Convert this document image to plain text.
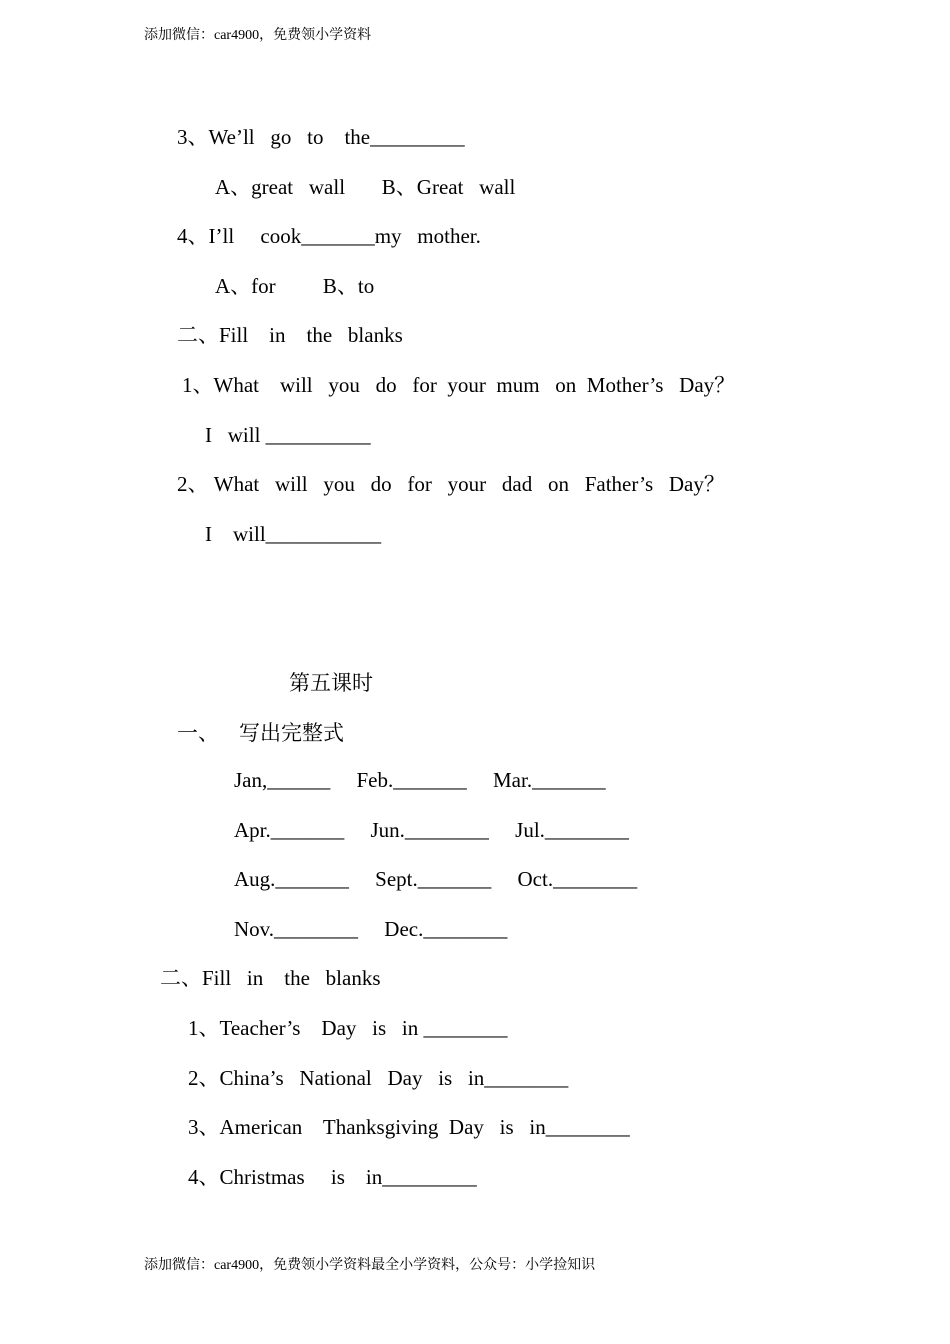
添加微信：car4900，免费领小学资料
3、We’ll   go   to    the_________
A、great   wall       B、Great   wall
4、I’ll     cook_______my   mother.
A、for         B、to
二、Fill    in    the   blanks
1、What    will   you   do   for  your  mum   on  Mother’s   Day？
I   will __________
2、 What   will   you   do   for   your   dad   on   Father’s   Day？
I    will___________
第五课时
一、   写出完整式
Jan,______     Feb._______     Mar._______
Apr._______     Jun.________     Jul.________
Aug._______     Sept._______     Oct.________
Nov.________     Dec.________
二、Fill   in    the   blanks
1、Teacher’s    Day   is   in ________
2、China’s   National   Day   is   in________
3、American    Thanksgiving  Day   is   in________
4、Christmas     is    in_________
添加微信：car4900，免费领小学资料最全小学资料，公众号：小学捡知识
